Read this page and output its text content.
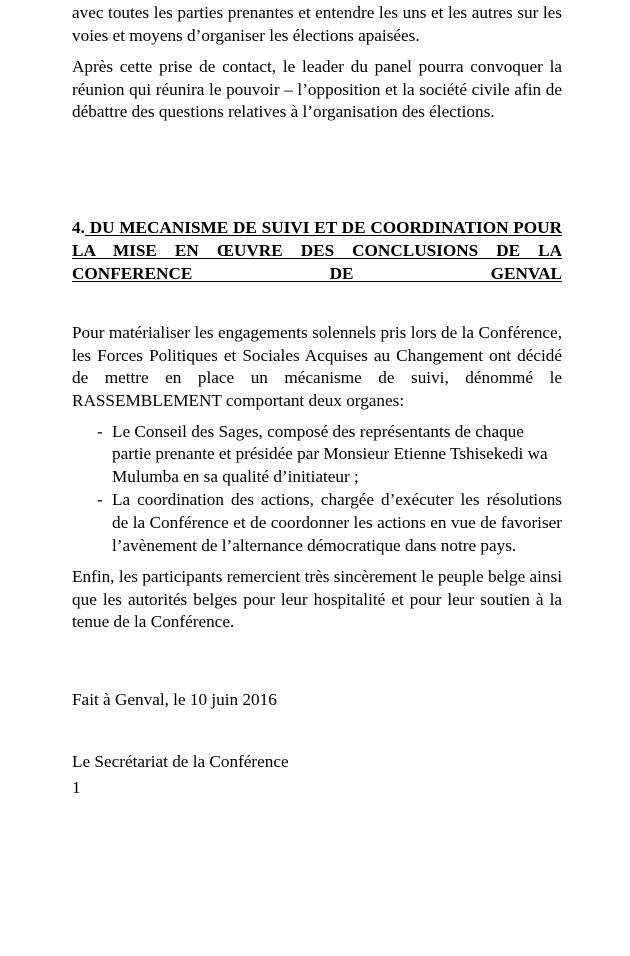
avec toutes les parties prenantes et entendre les uns et les autres sur les voies et moyens d’organiser les élections apaisées.

Après cette prise de contact, le leader du panel pourra convoquer la réunion qui réunira le pouvoir – l’opposition et la société civile afin de débattre des questions relatives à l’organisation des élections.

4. DU MECANISME DE SUIVI ET DE COORDINATION POUR LA MISE EN ŒUVRE DES CONCLUSIONS DE LA CONFERENCE DE GENVAL

Pour matérialiser les engagements solennels pris lors de la Conférence, les Forces Politiques et Sociales Acquises au Changement ont décidé de mettre en place un mécanisme de suivi, dénommé le RASSEMBLEMENT comportant deux organes:

- Le Conseil des Sages, composé des représentants de chaque partie prenante et présidée par Monsieur Etienne Tshisekedi wa Mulumba en sa qualité d’initiateur ;
- La coordination des actions, chargée d’exécuter les résolutions de la Conférence et de coordonner les actions en vue de favoriser l’avènement de l’alternance démocratique dans notre pays.

Enfin, les participants remercient très sincèrement le peuple belge ainsi que les autorités belges pour leur hospitalité et pour leur soutien à la tenue de la Conférence.

Fait à Genval, le 10 juin 2016

Le Secrétariat de la Conférence

1
